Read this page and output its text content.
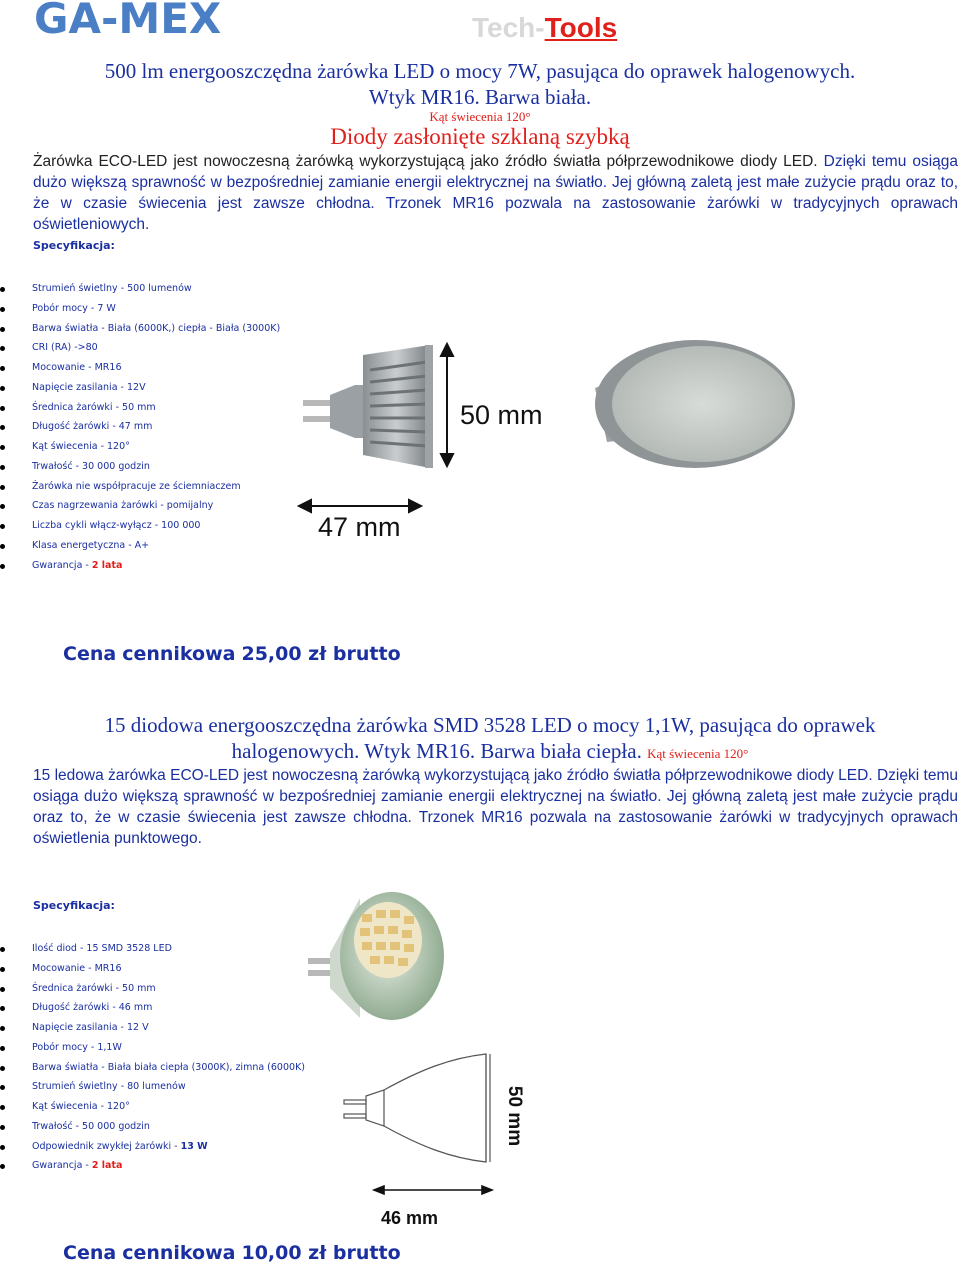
GA-MEX	Tech-Tools
500 lm energooszczędna żarówka LED o mocy 7W, pasująca do oprawek halogenowych.
Wtyk MR16. Barwa biała.
Kąt świecenia 120°
Diody zasłonięte szklaną szybką
Żarówka ECO-LED jest nowoczesną żarówką wykorzystującą jako źródło światła półprzewodnikowe diody LED. Dzięki temu osiąga dużo większą sprawność w bezpośredniej zamianie energii elektrycznej na światło. Jej główną zaletą jest małe zużycie prądu oraz to, że w czasie świecenia jest zawsze chłodna. Trzonek MR16 pozwala na zastosowanie żarówki w tradycyjnych oprawach oświetleniowych.
Specyfikacja:
Strumień świetlny - 500 lumenów
Pobór mocy - 7 W
Barwa światła - Biała (6000K,) ciepła - Biała (3000K)
CRI (RA) ->80
Mocowanie - MR16
Napięcie zasilania - 12V
Średnica żarówki - 50 mm
Długość żarówki - 47 mm
Kąt świecenia - 120°
Trwałość - 30 000 godzin
Żarówka nie współpracuje ze ściemniaczem
Czas nagrzewania żarówki - pomijalny
Liczba cykli włącz-wyłącz - 100 000
Klasa energetyczna - A+
Gwarancja - 2 lata
50 mm
47 mm
Cena cennikowa 25,00 zł brutto
15 diodowa energooszczędna żarówka SMD 3528 LED o mocy 1,1W, pasująca do oprawek
halogenowych. Wtyk MR16. Barwa biała ciepła. Kąt świecenia 120°
15 ledowa żarówka ECO-LED jest nowoczesną żarówką wykorzystującą jako źródło światła półprzewodnikowe diody LED. Dzięki temu osiąga dużo większą sprawność w bezpośredniej zamianie energii elektrycznej na światło. Jej główną zaletą jest małe zużycie prądu oraz to, że w czasie świecenia jest zawsze chłodna. Trzonek MR16 pozwala na zastosowanie żarówki w tradycyjnych oprawach oświetlenia punktowego.
Specyfikacja:
Ilość diod - 15 SMD 3528 LED
Mocowanie - MR16
Średnica żarówki - 50 mm
Długość żarówki - 46 mm
Napięcie zasilania - 12 V
Pobór mocy - 1,1W
Barwa światła - Biała biała ciepła (3000K), zimna (6000K)
Strumień świetlny - 80 lumenów
Kąt świecenia - 120°
Trwałość - 50 000 godzin
Odpowiednik zwykłej żarówki - 13 W
Gwarancja - 2 lata
50 mm
46 mm
Cena cennikowa 10,00 zł brutto
